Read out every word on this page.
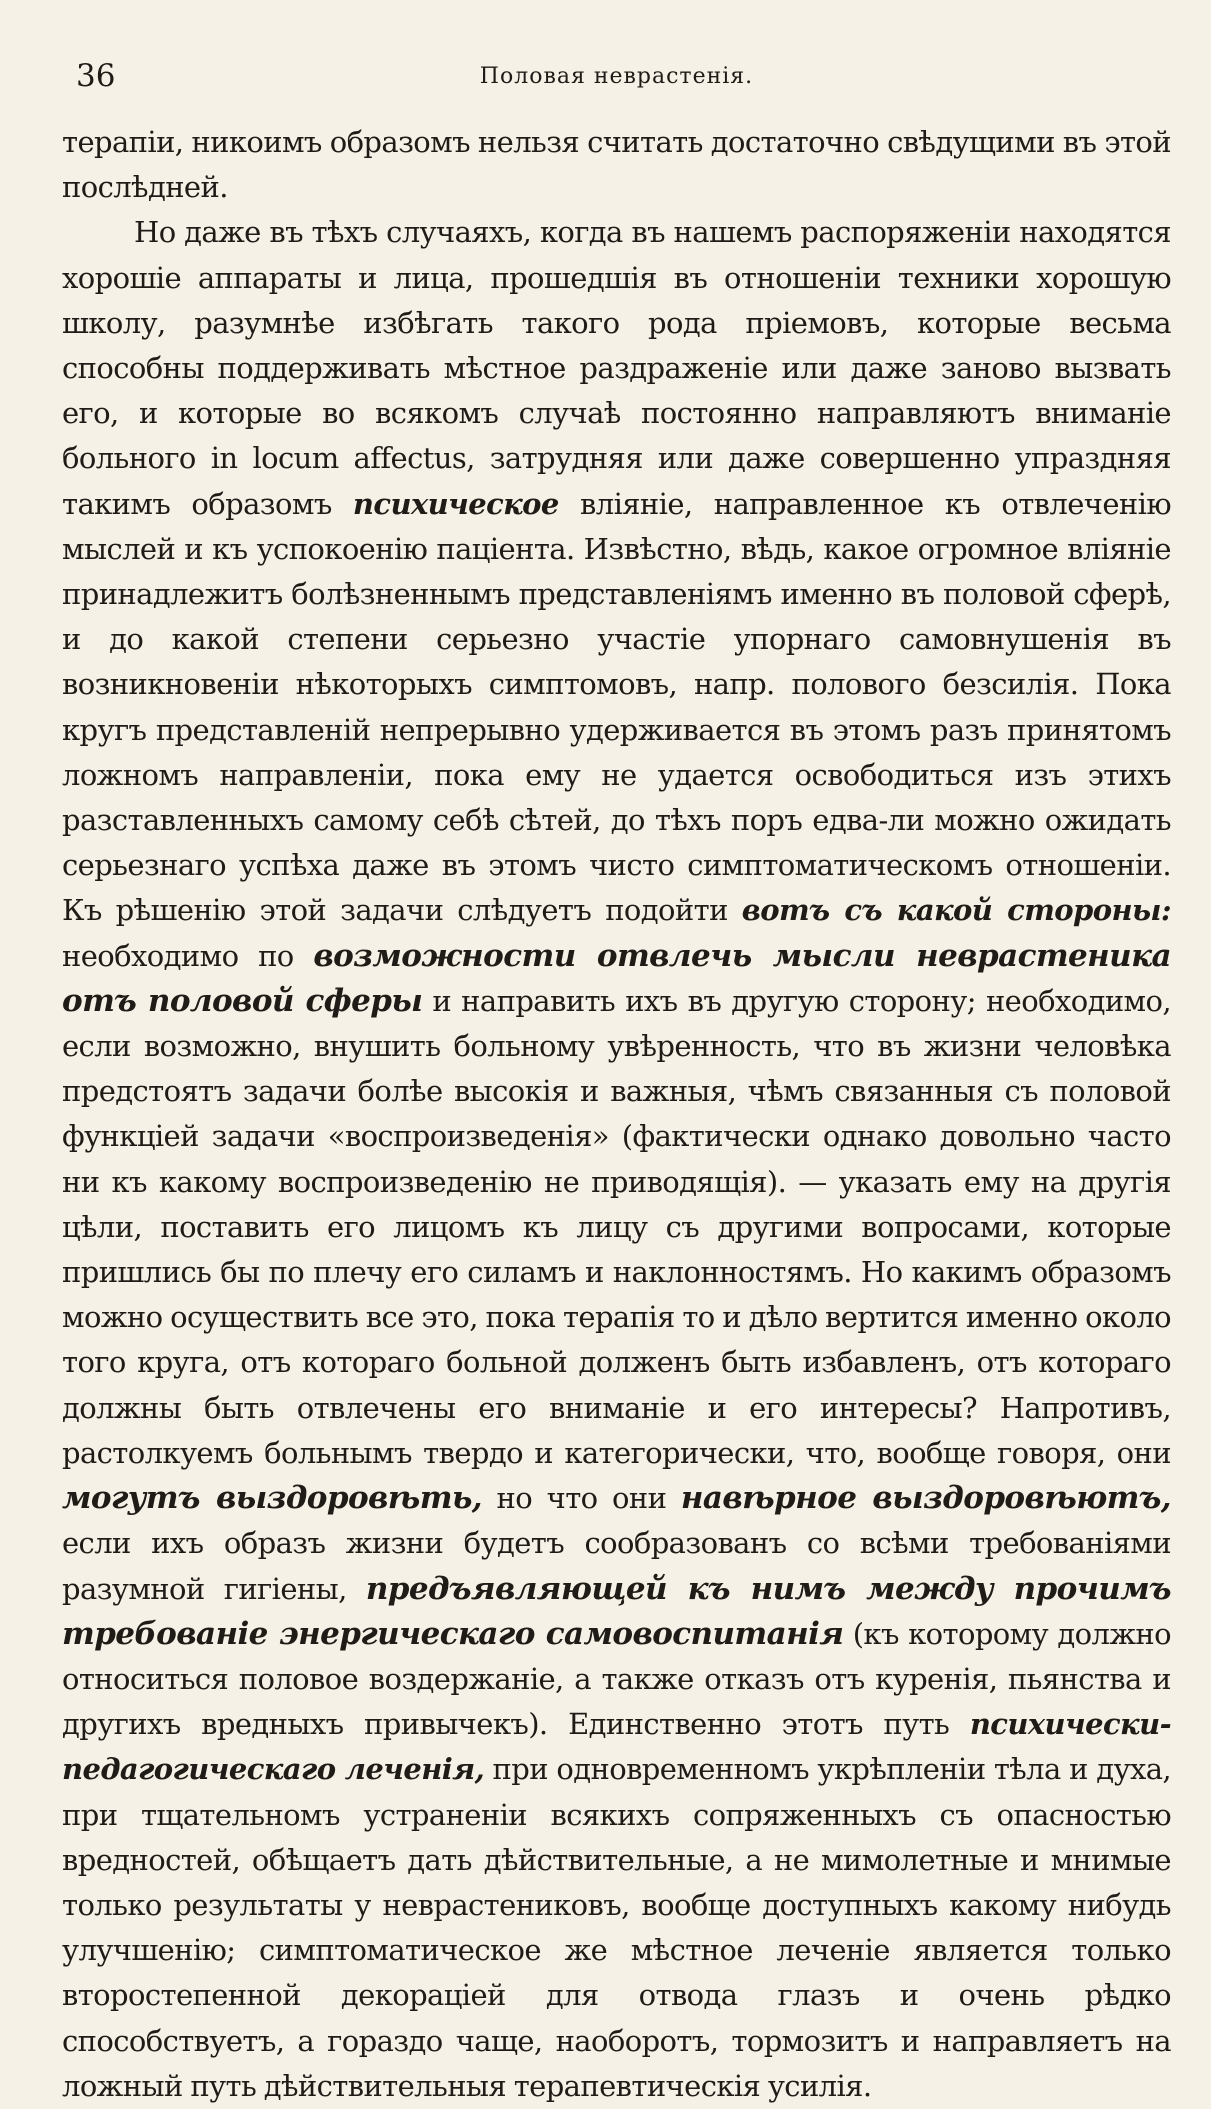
36	Половая неврастенія.

терапіи, никоимъ образомъ нельзя считать достаточно свѣдущими въ этой послѣдней.

Но даже въ тѣхъ случаяхъ, когда въ нашемъ распоряженіи находятся хорошіе аппараты и лица, прошедшія въ отношеніи техники хорошую школу, разумнѣе избѣгать такого рода пріемовъ, которые весьма способны поддерживать мѣстное раздраженіе или даже заново вызвать его, и которые во всякомъ случаѣ постоянно направляютъ вниманіе больного in locum affectus, затрудняя или даже совершенно упраздняя такимъ образомъ психическое вліяніе, направленное къ отвлеченію мыслей и къ успокоенію паціента. Извѣстно, вѣдь, какое огромное вліяніе принадлежитъ болѣзненнымъ представленіямъ именно въ половой сферѣ, и до какой степени серьезно участіе упорнаго самовнушенія въ возникновеніи нѣкоторыхъ симптомовъ, напр. полового безсилія. Пока кругъ представленій непрерывно удерживается въ этомъ разъ принятомъ ложномъ направленіи, пока ему не удается освободиться изъ этихъ разставленныхъ самому себѣ сѣтей, до тѣхъ поръ едва-ли можно ожидать серьезнаго успѣха даже въ этомъ чисто симптоматическомъ отношеніи. Къ рѣшенію этой задачи слѣдуетъ подойти вотъ съ какой стороны: необходимо по возможности отвлечь мысли неврастеника отъ половой сферы и направить ихъ въ другую сторону; необходимо, если возможно, внушить больному увѣренность, что въ жизни человѣка предстоятъ задачи болѣе высокія и важныя, чѣмъ связанныя съ половой функціей задачи «воспроизведенія» (фактически однако довольно часто ни къ какому воспроизведенію не приводящія). — указать ему на другія цѣли, поставить его лицомъ къ лицу съ другими вопросами, которые пришлись бы по плечу его силамъ и наклонностямъ. Но какимъ образомъ можно осуществить все это, пока терапія то и дѣло вертится именно около того круга, отъ котораго больной долженъ быть избавленъ, отъ котораго должны быть отвлечены его вниманіе и его интересы? Напротивъ, растолкуемъ больнымъ твердо и категорически, что, вообще говоря, они могутъ выздоровѣть, но что они навѣрное выздоровѣютъ, если ихъ образъ жизни будетъ сообразованъ со всѣми требованіями разумной гигіены, предъявляющей къ нимъ между прочимъ требованіе энергическаго самовоспитанія (къ которому должно относиться половое воздержаніе, а также отказъ отъ куренія, пьянства и другихъ вредныхъ привычекъ). Единственно этотъ путь психически-педагогическаго леченія, при одновременномъ укрѣпленіи тѣла и духа, при тщательномъ устраненіи всякихъ сопряженныхъ съ опасностью вредностей, обѣщаетъ дать дѣйствительные, а не мимолетные и мнимые только результаты у неврастениковъ, вообще доступныхъ какому нибудь улучшенію; симптоматическое же мѣстное леченіе является только второстепенной декораціей для отвода глазъ и очень рѣдко способствуетъ, а гораздо чаще, наоборотъ, тормозитъ и направляетъ на ложный путь дѣйствительныя терапевтическія усилія.
